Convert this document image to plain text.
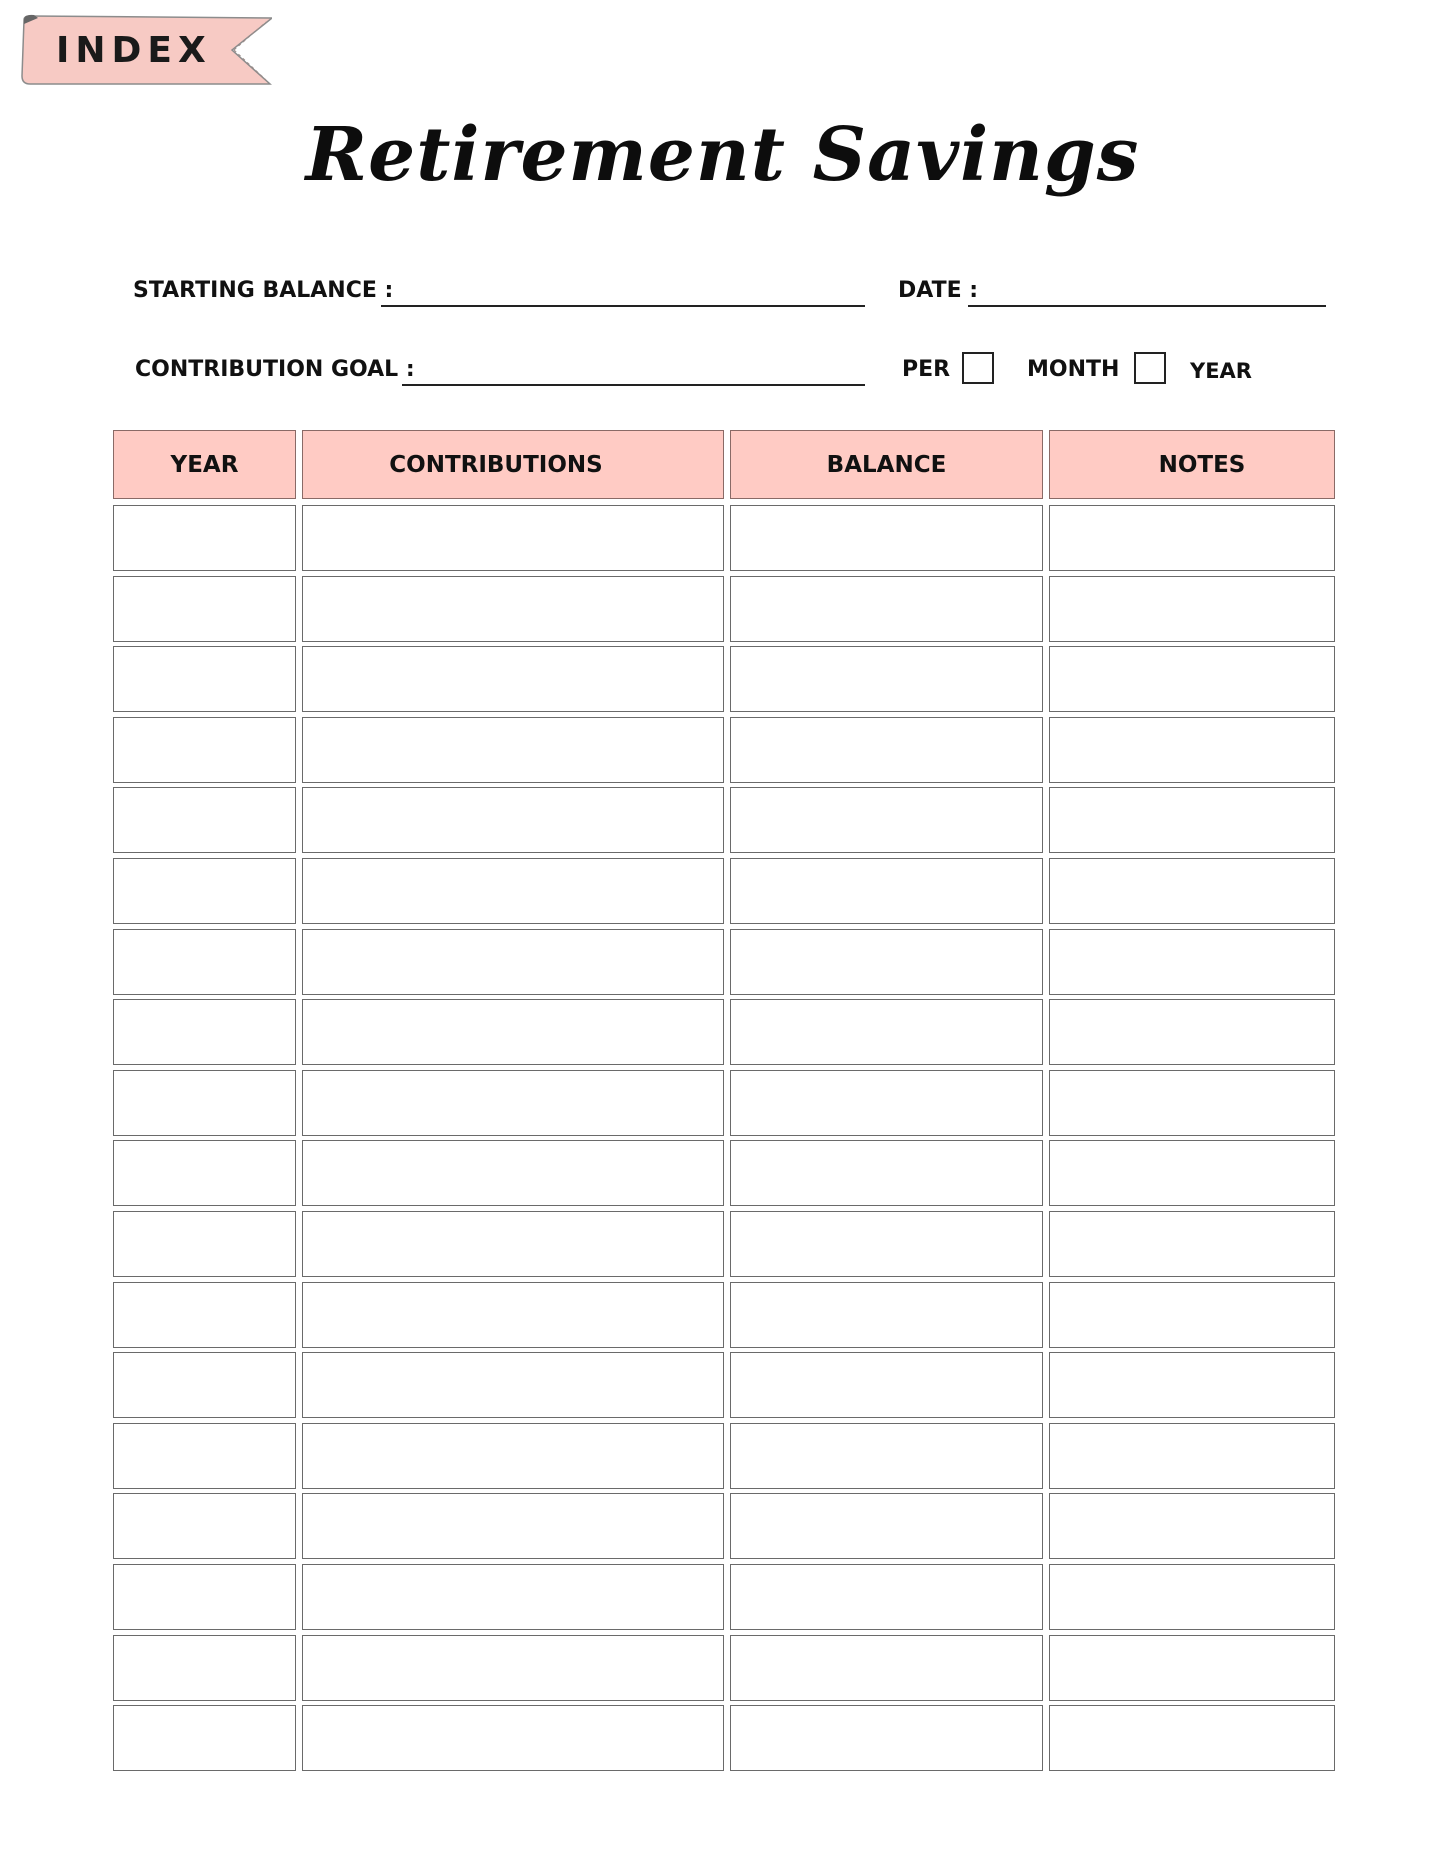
INDEX
Retirement Savings
STARTING BALANCE :	DATE :
CONTRIBUTION GOAL :	PER	MONTH	YEAR
YEAR	CONTRIBUTIONS	BALANCE	NOTES
